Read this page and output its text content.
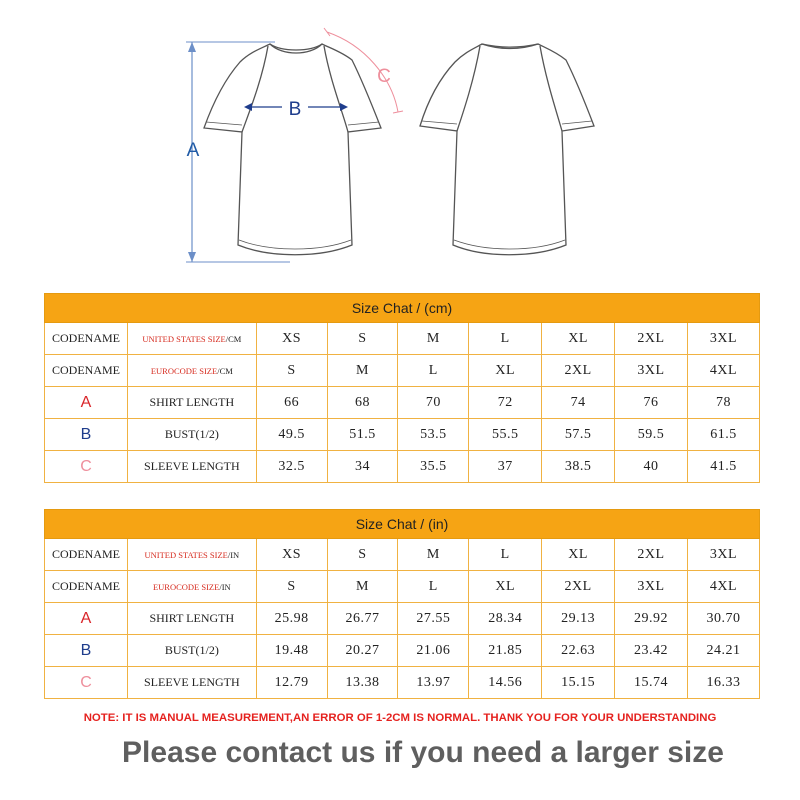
A
B
C
Size Chat / (cm)								
CODENAME	UNITED STATES SIZE/CM	XS	S	M	L	XL	2XL	3XL
CODENAME	EUROCODE SIZE/CM	S	M	L	XL	2XL	3XL	4XL
A	SHIRT LENGTH	66	68	70	72	74	76	78
B	BUST(1/2)	49.5	51.5	53.5	55.5	57.5	59.5	61.5
C	SLEEVE LENGTH	32.5	34	35.5	37	38.5	40	41.5
Size Chat / (in)								
CODENAME	UNITED STATES SIZE/IN	XS	S	M	L	XL	2XL	3XL
CODENAME	EUROCODE SIZE/IN	S	M	L	XL	2XL	3XL	4XL
A	SHIRT LENGTH	25.98	26.77	27.55	28.34	29.13	29.92	30.70
B	BUST(1/2)	19.48	20.27	21.06	21.85	22.63	23.42	24.21
C	SLEEVE LENGTH	12.79	13.38	13.97	14.56	15.15	15.74	16.33
NOTE: IT IS MANUAL MEASUREMENT,AN ERROR OF 1-2CM IS NORMAL. THANK YOU FOR YOUR UNDERSTANDING
Please contact us if you need a larger size
